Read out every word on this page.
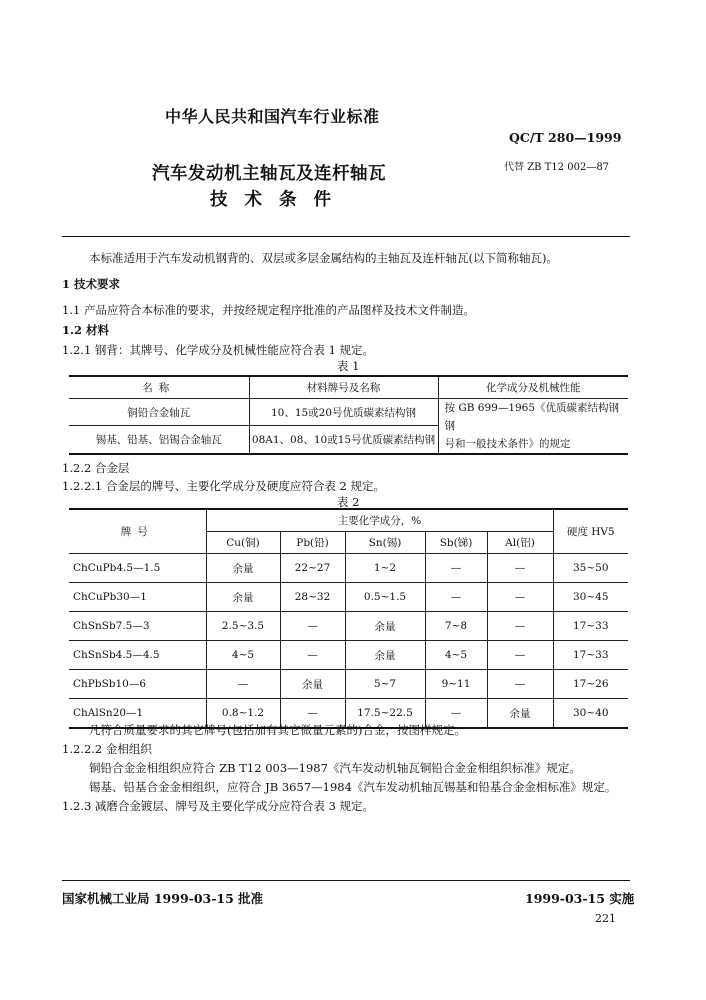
中华人民共和国汽车行业标准
QC/T 280—1999
汽车发动机主轴瓦及连杆轴瓦
技术条件
代替 ZB T12 002—87
本标准适用于汽车发动机钢背的、双层或多层金属结构的主轴瓦及连杆轴瓦(以下简称轴瓦)。
1 技术要求
1.1 产品应符合本标准的要求，并按经规定程序批准的产品图样及技术文件制造。
1.2 材料
1.2.1 钢背：其牌号、化学成分及机械性能应符合表 1 规定。
表 1
名称	材料牌号及名称	化学成分及机械性能
铜铅合金轴瓦	10、15或20号优质碳素结构钢	按 GB 699—1965《优质碳素结构钢钢
号和一般技术条件》的规定

锡基、铅基、铝锡合金轴瓦	08A1、08、10或15号优质碳素结构钢	
1.2.2 合金层
1.2.2.1 合金层的牌号、主要化学成分及硬度应符合表 2 规定。
表 2
牌号	主要化学成分，%					硬度 HV5
	Cu(铜)	Pb(铅)	Sn(锡)	Sb(锑)	Al(铝)	
ChCuPb4.5—1.5	余量	22~27	1~2	—	—	35~50
ChCuPb30—1	余量	28~32	0.5~1.5	—	—	30~45
ChSnSb7.5—3	2.5~3.5	—	余量	7~8	—	17~33
ChSnSb4.5—4.5	4~5	—	余量	4~5	—	17~33
ChPbSb10—6	—	余量	5~7	9~11	—	17~26
ChAlSn20—1	0.8~1.2	—	17.5~22.5	—	余量	30~40
凡符合质量要求的其它牌号(包括加有其它微量元素的)合金，按图样规定。
1.2.2.2 金相组织
铜铅合金金相组织应符合 ZB T12 003—1987《汽车发动机轴瓦铜铅合金金相组织标准》规定。
锡基、铅基合金金相组织，应符合 JB 3657—1984《汽车发动机轴瓦锡基和铅基合金金相标准》规定。
1.2.3 减磨合金镀层、牌号及主要化学成分应符合表 3 规定。
国家机械工业局 1999-03-15 批准	1999-03-15 实施
221
